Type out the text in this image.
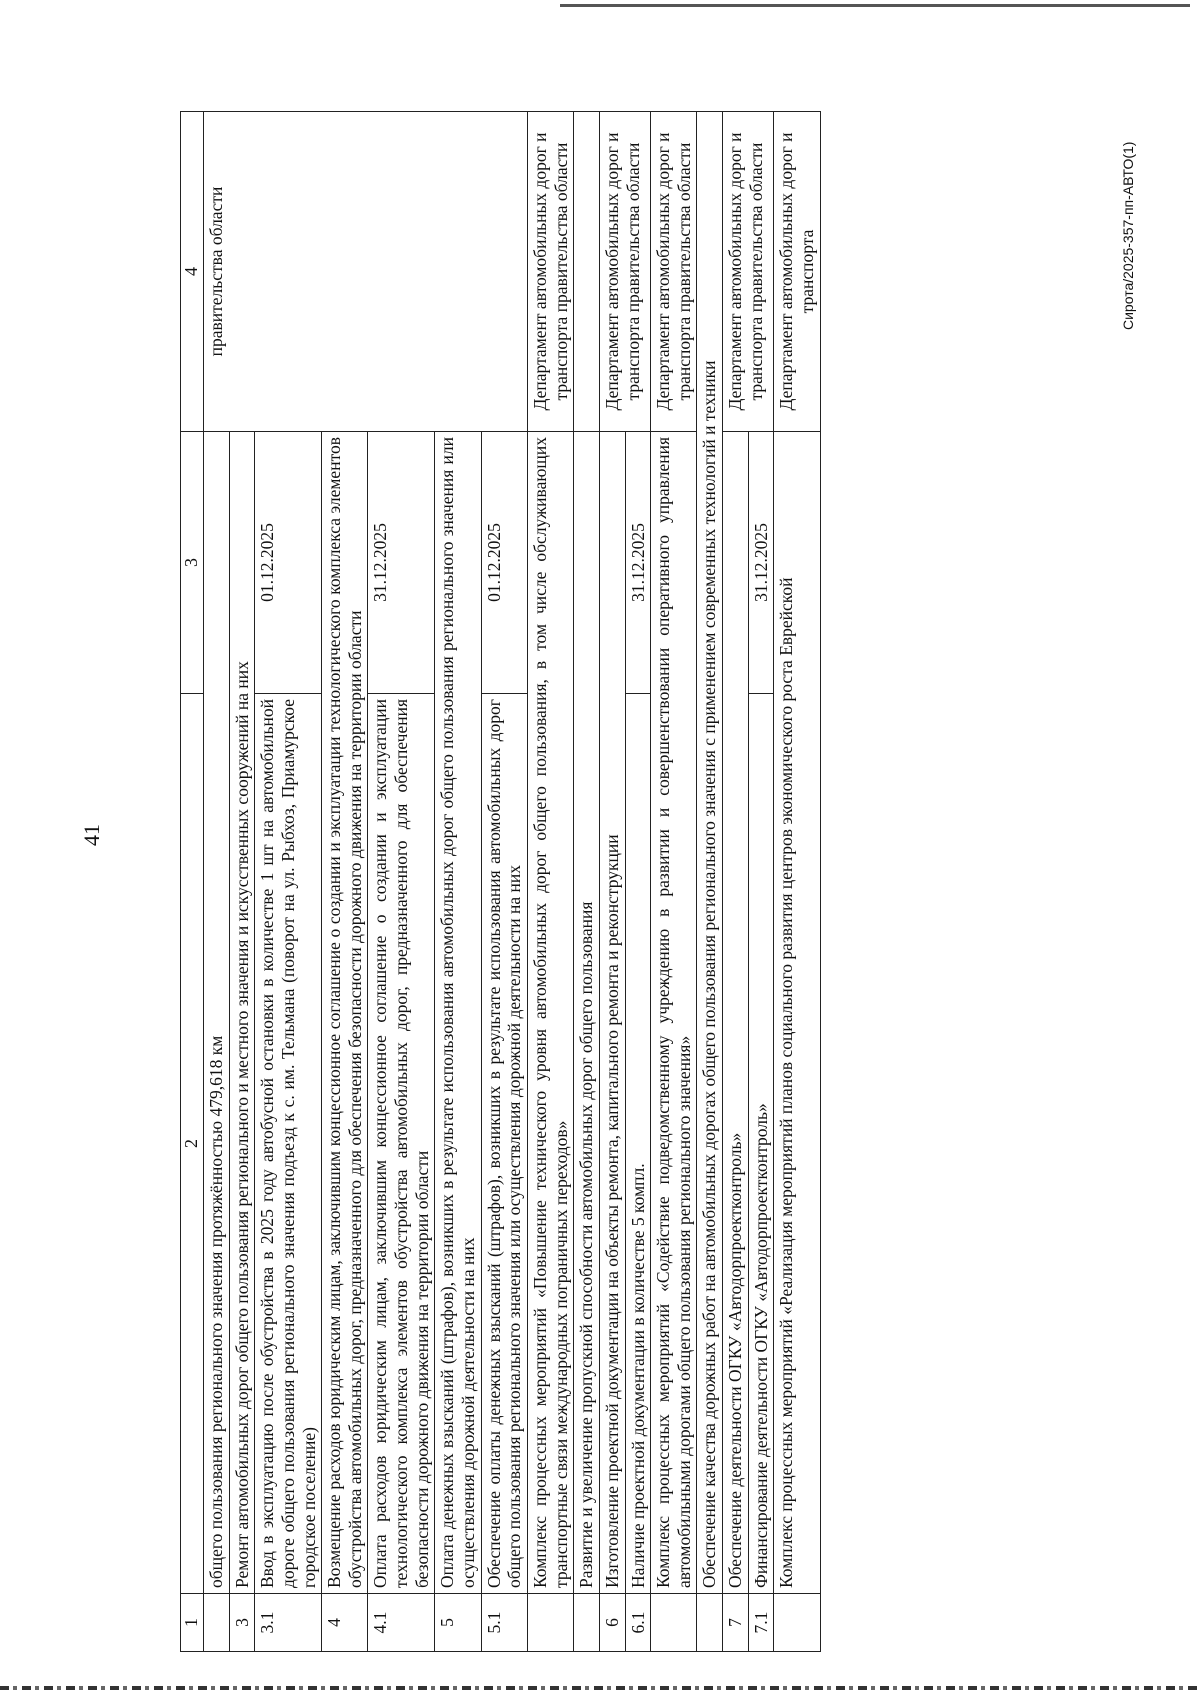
41
Сирота/2025-357-пп-АВТО(1)
1	2	3	4
	общего пользования регионального значения протяжённостью 479,618 км		правительства области
3	Ремонт автомобильных дорог общего пользования регионального и местного значения и искусственных сооружений на них		
3.1	Ввод в эксплуатацию после обустройства в 2025 году автобусной остановки в количестве 1 шт на автомобильной дороге общего пользования регионального значения подъезд к с. им. Тельмана (поворот на ул. Рыбхоз, Приамурское городское поселение)	01.12.2025	
4	Возмещение расходов юридическим лицам, заключившим концессионное соглашение о создании и эксплуатации технологического комплекса элементов обустройства автомобильных дорог, предназначенного для обеспечения безопасности дорожного движения на территории области		
4.1	Оплата расходов юридическим лицам, заключившим концессионное соглашение о создании и эксплуатации технологического комплекса элементов обустройства автомобильных дорог, предназначенного для обеспечения безопасности дорожного движения на территории области	31.12.2025	
5	Оплата денежных взысканий (штрафов), возникших в результате использования автомобильных дорог общего пользования регионального значения или осуществления дорожной деятельности на них		
5.1	Обеспечение оплаты денежных взысканий (штрафов), возникших в результате использования автомобильных дорог общего пользования регионального значения или осуществления дорожной деятельности на них	01.12.2025	
	Комплекс процессных мероприятий «Повышение технического уровня автомобильных дорог общего пользования, в том числе обслуживающих транспортные связи международных пограничных переходов»		Департамент автомобильных дорог и транспорта правительства области
	Развитие и увеличение пропускной способности автомобильных дорог общего пользования		
6	Изготовление проектной документации на объекты ремонта, капитального ремонта и реконструкции		Департамент автомобильных дорог и транспорта правительства области
6.1	Наличие проектной документации в количестве 5 компл.	31.12.2025	
	Комплекс процессных мероприятий «Содействие подведомственному учреждению в развитии и совершенствовании оперативного управления автомобильными дорогами общего пользования регионального значения»		Департамент автомобильных дорог и транспорта правительства области
	Обеспечение качества дорожных работ на автомобильных дорогах общего пользования регионального значения с применением современных технологий и техники		
7	Обеспечение деятельности ОГКУ «Автодорпроектконтроль»		Департамент автомобильных дорог и транспорта правительства области
7.1	Финансирование деятельности ОГКУ «Автодорпроектконтроль»	31.12.2025	
	Комплекс процессных мероприятий «Реализация мероприятий планов социального развития центров экономического роста Еврейской		Департамент автомобильных дорог и транспорта
